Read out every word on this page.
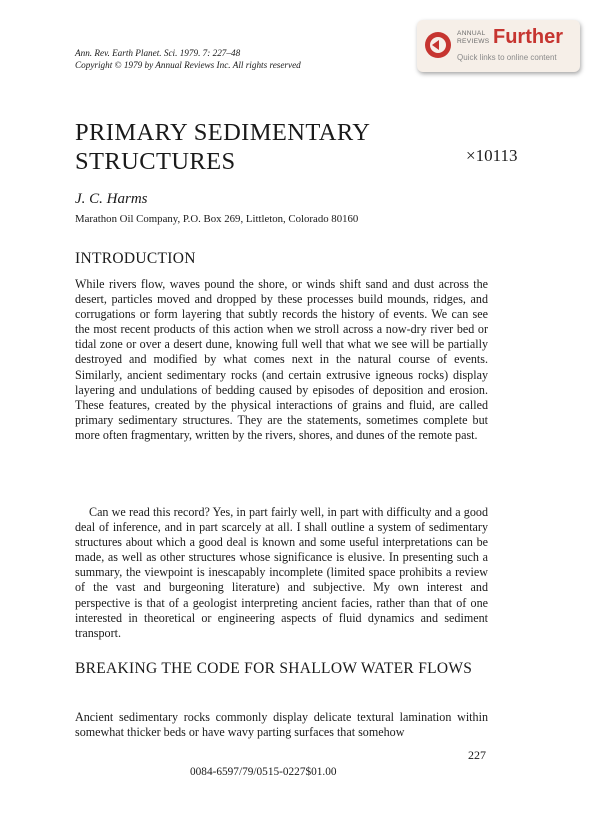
Ann. Rev. Earth Planet. Sci. 1979. 7: 227–48
Copyright © 1979 by Annual Reviews Inc. All rights reserved
ANNUAL REVIEWS Further
Quick links to online content
PRIMARY SEDIMENTARY STRUCTURES	×10113
J. C. Harms
Marathon Oil Company, P.O. Box 269, Littleton, Colorado 80160
INTRODUCTION

While rivers flow, waves pound the shore, or winds shift sand and dust across the desert, particles moved and dropped by these processes build mounds, ridges, and corrugations or form layering that subtly records the history of events. We can see the most recent products of this action when we stroll across a now-dry river bed or tidal zone or over a desert dune, knowing full well that what we see will be partially destroyed and modified by what comes next in the natural course of events. Similarly, ancient sedimentary rocks (and certain extrusive igneous rocks) display layering and undulations of bedding caused by episodes of deposition and erosion. These features, created by the physical interactions of grains and fluid, are called primary sedimentary structures. They are the statements, sometimes complete but more often fragmentary, written by the rivers, shores, and dunes of the remote past.

Can we read this record? Yes, in part fairly well, in part with difficulty and a good deal of inference, and in part scarcely at all. I shall outline a system of sedimentary structures about which a good deal is known and some useful interpretations can be made, as well as other structures whose significance is elusive. In presenting such a summary, the viewpoint is inescapably incomplete (limited space prohibits a review of the vast and burgeoning literature) and subjective. My own interest and perspective is that of a geologist interpreting ancient facies, rather than that of one interested in theoretical or engineering aspects of fluid dynamics and sediment transport.

BREAKING THE CODE FOR SHALLOW WATER FLOWS

Ancient sedimentary rocks commonly display delicate textural lamination within somewhat thicker beds or have wavy parting surfaces that somehow

227
0084-6597/79/0515-0227$01.00
